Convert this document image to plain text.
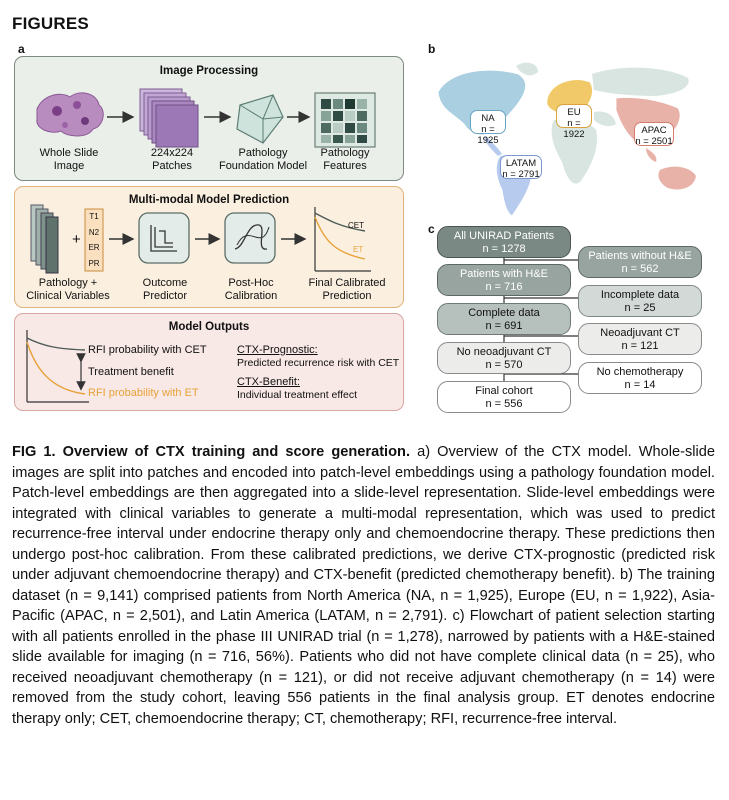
FIGURES
a
Image Processing
Whole Slide
Image
224x224
Patches
Pathology
Foundation Model
Pathology
Features
Multi-modal Model Prediction
+
T1
N2
ER
PR
CET
ET
Pathology +
Clinical Variables
Outcome
Predictor
Post-Hoc
Calibration
Final Calibrated
Prediction
Model Outputs
RFI probability with CET
Treatment benefit
RFI probability with ET
CTX-Prognostic:
Predicted recurrence risk with CET
CTX-Benefit:
Individual treatment effect
b
NA
n = 1925
EU
n = 1922	APAC
n = 2501
LATAM
n = 2791
c	All UNIRAD Patients
n = 1278
Patients with H&E
n = 716
Complete data
n = 691
No neoadjuvant CT
n = 570
Final cohort
n = 556
Patients without H&E
n = 562
Incomplete data
n = 25
Neoadjuvant CT
n = 121
No chemotherapy
n = 14
FIG 1. Overview of CTX training and score generation. a) Overview of the CTX model. Whole-slide images are split into patches and encoded into patch-level embeddings using a pathology foundation model. Patch-level embeddings are then aggregated into a slide-level representation. Slide-level embeddings were integrated with clinical variables to generate a multi-modal representation, which was used to predict recurrence-free interval under endocrine therapy only and chemoendocrine therapy. These predictions then undergo post-hoc calibration. From these calibrated predictions, we derive CTX-prognostic (predicted risk under adjuvant chemoendocrine therapy) and CTX-benefit (predicted chemotherapy benefit). b) The training dataset (n = 9,141) comprised patients from North America (NA, n = 1,925), Europe (EU, n = 1,922), Asia-Pacific (APAC, n = 2,501), and Latin America (LATAM, n = 2,791). c) Flowchart of patient selection starting with all patients enrolled in the phase III UNIRAD trial (n = 1,278), narrowed by patients with a H&E-stained slide available for imaging (n = 716, 56%). Patients who did not have complete clinical data (n = 25), who received neoadjuvant chemotherapy (n = 121), or did not receive adjuvant chemotherapy (n = 14) were removed from the study cohort, leaving 556 patients in the final analysis group. ET denotes endocrine therapy only; CET, chemoendocrine therapy; CT, chemotherapy; RFI, recurrence-free interval.
